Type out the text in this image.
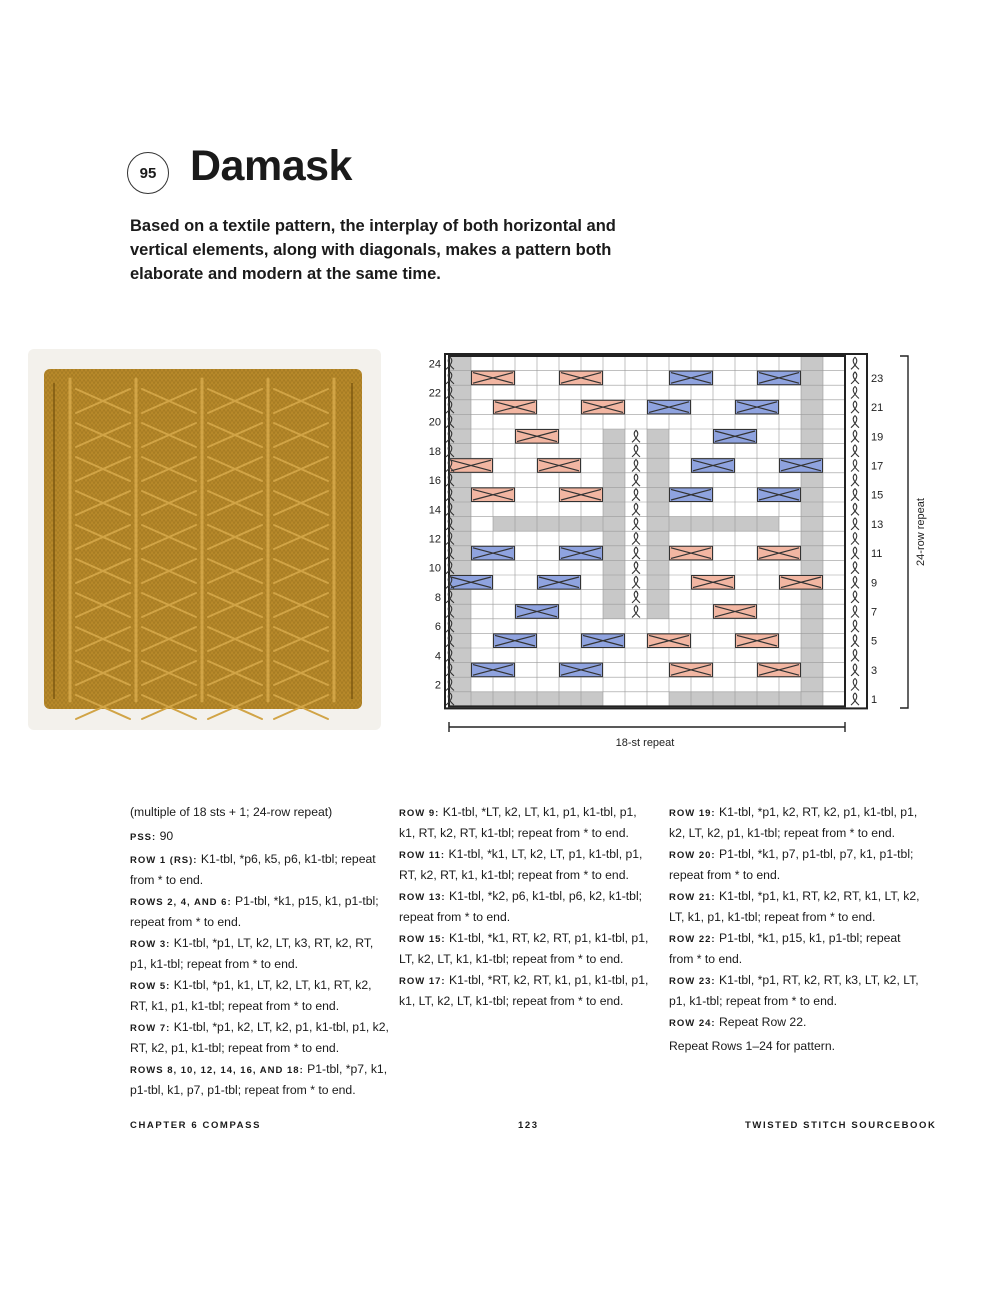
95 Damask

Based on a textile pattern, the interplay of both horizontal and vertical elements, along with diagonals, makes a pattern both elaborate and modern at the same time.

24
22
20
18
16
14
12
10
8
6
4
2
23
21
19
17
15
13
11
9
7
5
3
1
18-st repeat
24-row repeat

(multiple of 18 sts + 1; 24-row repeat)

PSS: 90

ROW 1 (RS): K1-tbl, *p6, k5, p6, k1-tbl; repeat from * to end.

ROWS 2, 4, AND 6: P1-tbl, *k1, p15, k1, p1-tbl; repeat from * to end.

ROW 3: K1-tbl, *p1, LT, k2, LT, k3, RT, k2, RT, p1, k1-tbl; repeat from * to end.

ROW 5: K1-tbl, *p1, k1, LT, k2, LT, k1, RT, k2, RT, k1, p1, k1-tbl; repeat from * to end.

ROW 7: K1-tbl, *p1, k2, LT, k2, p1, k1-tbl, p1, k2, RT, k2, p1, k1-tbl; repeat from * to end.

ROWS 8, 10, 12, 14, 16, AND 18: P1-tbl, *p7, k1, p1-tbl, k1, p7, p1-tbl; repeat from * to end.

ROW 9: K1-tbl, *LT, k2, LT, k1, p1, k1-tbl, p1, k1, RT, k2, RT, k1-tbl; repeat from * to end.

ROW 11: K1-tbl, *k1, LT, k2, LT, p1, k1-tbl, p1, RT, k2, RT, k1, k1-tbl; repeat from * to end.

ROW 13: K1-tbl, *k2, p6, k1-tbl, p6, k2, k1-tbl; repeat from * to end.

ROW 15: K1-tbl, *k1, RT, k2, RT, p1, k1-tbl, p1, LT, k2, LT, k1, k1-tbl; repeat from * to end.

ROW 17: K1-tbl, *RT, k2, RT, k1, p1, k1-tbl, p1, k1, LT, k2, LT, k1-tbl; repeat from * to end.

ROW 19: K1-tbl, *p1, k2, RT, k2, p1, k1-tbl, p1, k2, LT, k2, p1, k1-tbl; repeat from * to end.

ROW 20: P1-tbl, *k1, p7, p1-tbl, p7, k1, p1-tbl; repeat from * to end.

ROW 21: K1-tbl, *p1, k1, RT, k2, RT, k1, LT, k2, LT, k1, p1, k1-tbl; repeat from * to end.

ROW 22: P1-tbl, *k1, p15, k1, p1-tbl; repeat from * to end.

ROW 23: K1-tbl, *p1, RT, k2, RT, k3, LT, k2, LT, p1, k1-tbl; repeat from * to end.

ROW 24: Repeat Row 22.

Repeat Rows 1–24 for pattern.

CHAPTER 6 COMPASS	123	TWISTED STITCH SOURCEBOOK
